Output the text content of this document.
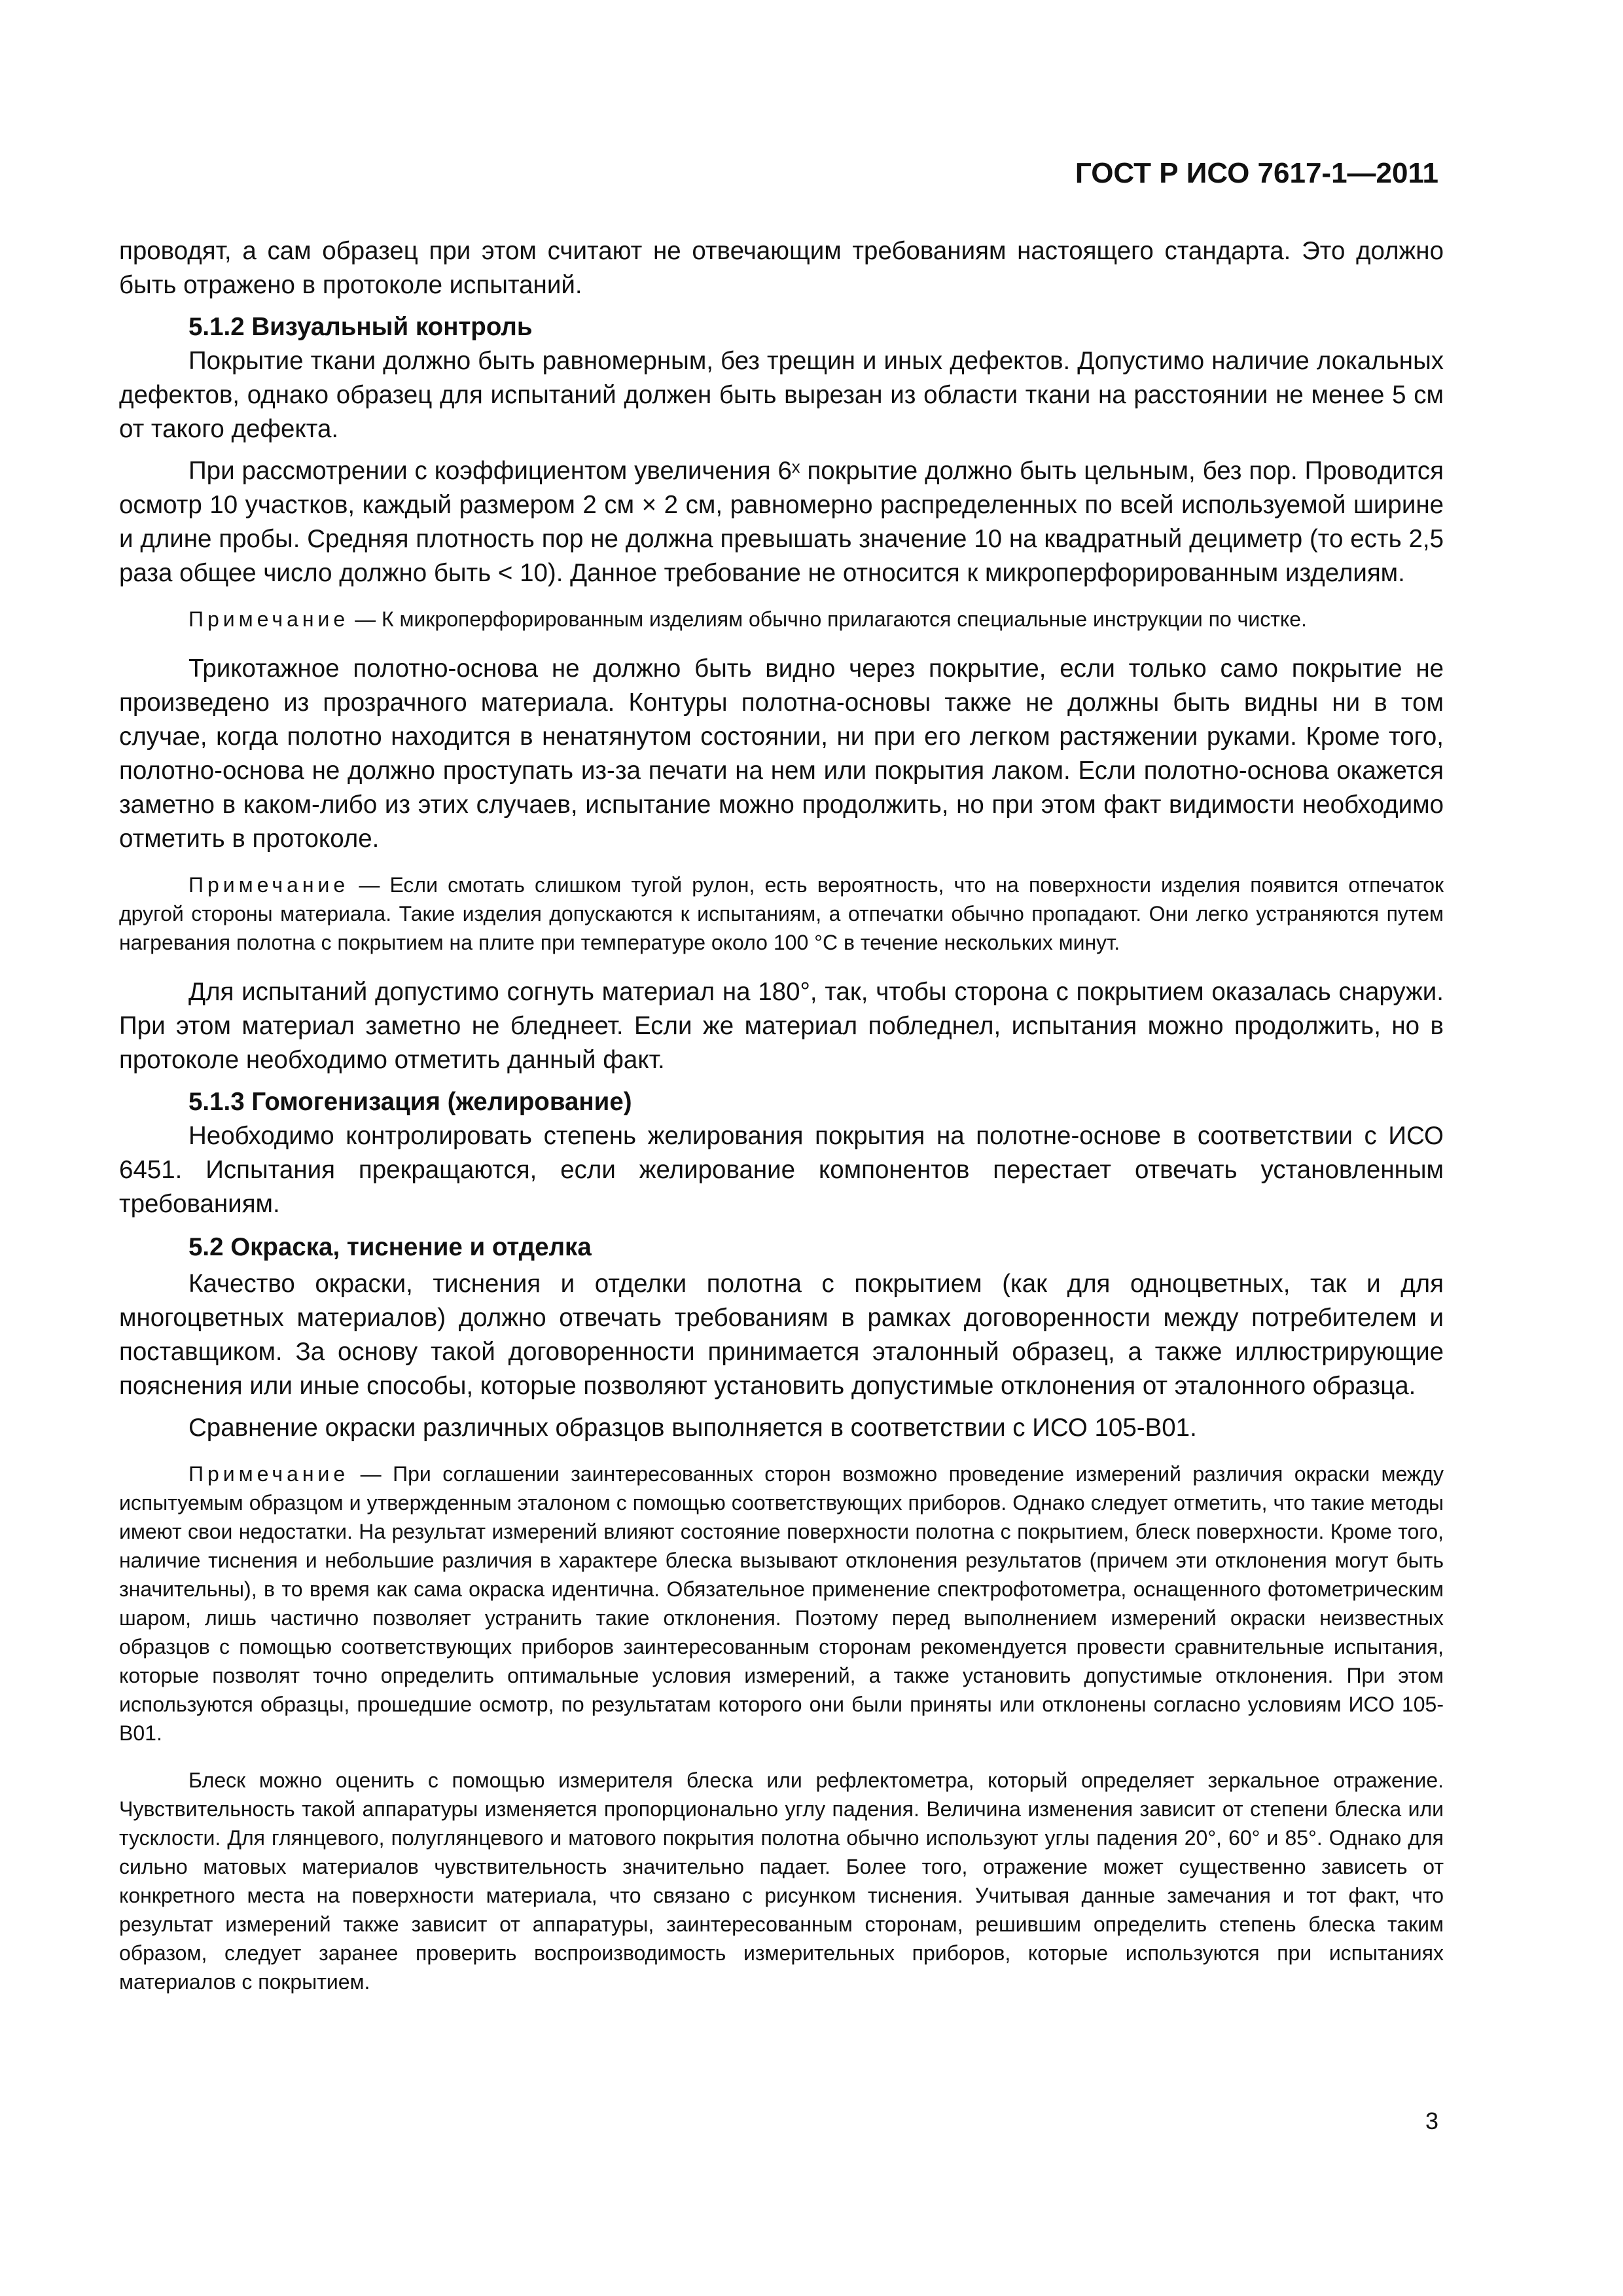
ГОСТ Р ИСО 7617-1—2011

проводят, а сам образец при этом считают не отвечающим требованиям настоящего стандарта. Это должно быть отражено в протоколе испытаний.

5.1.2 Визуальный контроль

Покрытие ткани должно быть равномерным, без трещин и иных дефектов. Допустимо наличие локальных дефектов, однако образец для испытаний должен быть вырезан из области ткани на расстоянии не менее 5 см от такого дефекта.

При рассмотрении с коэффициентом увеличения 6ˣ покрытие должно быть цельным, без пор. Проводится осмотр 10 участков, каждый размером 2 см × 2 см, равномерно распределенных по всей используемой ширине и длине пробы. Средняя плотность пор не должна превышать значение 10 на квадратный дециметр (то есть 2,5 раза общее число должно быть < 10). Данное требование не относится к микроперфорированным изделиям.

Примечание — К микроперфорированным изделиям обычно прилагаются специальные инструкции по чистке.

Трикотажное полотно-основа не должно быть видно через покрытие, если только само покрытие не произведено из прозрачного материала. Контуры полотна-основы также не должны быть видны ни в том случае, когда полотно находится в ненатянутом состоянии, ни при его легком растяжении руками. Кроме того, полотно-основа не должно проступать из-за печати на нем или покрытия лаком. Если полотно-основа окажется заметно в каком-либо из этих случаев, испытание можно продолжить, но при этом факт видимости необходимо отметить в протоколе.

Примечание — Если смотать слишком тугой рулон, есть вероятность, что на поверхности изделия появится отпечаток другой стороны материала. Такие изделия допускаются к испытаниям, а отпечатки обычно пропадают. Они легко устраняются путем нагревания полотна с покрытием на плите при температуре около 100 °С в течение нескольких минут.

Для испытаний допустимо согнуть материал на 180°, так, чтобы сторона с покрытием оказалась снаружи. При этом материал заметно не бледнеет. Если же материал побледнел, испытания можно продолжить, но в протоколе необходимо отметить данный факт.

5.1.3 Гомогенизация (желирование)

Необходимо контролировать степень желирования покрытия на полотне-основе в соответствии с ИСО 6451. Испытания прекращаются, если желирование компонентов перестает отвечать установленным требованиям.

5.2 Окраска, тиснение и отделка

Качество окраски, тиснения и отделки полотна с покрытием (как для одноцветных, так и для многоцветных материалов) должно отвечать требованиям в рамках договоренности между потребителем и поставщиком. За основу такой договоренности принимается эталонный образец, а также иллюстрирующие пояснения или иные способы, которые позволяют установить допустимые отклонения от эталонного образца.

Сравнение окраски различных образцов выполняется в соответствии с ИСО 105-В01.

Примечание — При соглашении заинтересованных сторон возможно проведение измерений различия окраски между испытуемым образцом и утвержденным эталоном с помощью соответствующих приборов. Однако следует отметить, что такие методы имеют свои недостатки. На результат измерений влияют состояние поверхности полотна с покрытием, блеск поверхности. Кроме того, наличие тиснения и небольшие различия в характере блеска вызывают отклонения результатов (причем эти отклонения могут быть значительны), в то время как сама окраска идентична. Обязательное применение спектрофотометра, оснащенного фотометрическим шаром, лишь частично позволяет устранить такие отклонения. Поэтому перед выполнением измерений окраски неизвестных образцов с помощью соответствующих приборов заинтересованным сторонам рекомендуется провести сравнительные испытания, которые позволят точно определить оптимальные условия измерений, а также установить допустимые отклонения. При этом используются образцы, прошедшие осмотр, по результатам которого они были приняты или отклонены согласно условиям ИСО 105-В01.

Блеск можно оценить с помощью измерителя блеска или рефлектометра, который определяет зеркальное отражение. Чувствительность такой аппаратуры изменяется пропорционально углу падения. Величина изменения зависит от степени блеска или тусклости. Для глянцевого, полуглянцевого и матового покрытия полотна обычно используют углы падения 20°, 60° и 85°. Однако для сильно матовых материалов чувствительность значительно падает. Более того, отражение может существенно зависеть от конкретного места на поверхности материала, что связано с рисунком тиснения. Учитывая данные замечания и тот факт, что результат измерений также зависит от аппаратуры, заинтересованным сторонам, решившим определить степень блеска таким образом, следует заранее проверить воспроизводимость измерительных приборов, которые используются при испытаниях материалов с покрытием.

3
